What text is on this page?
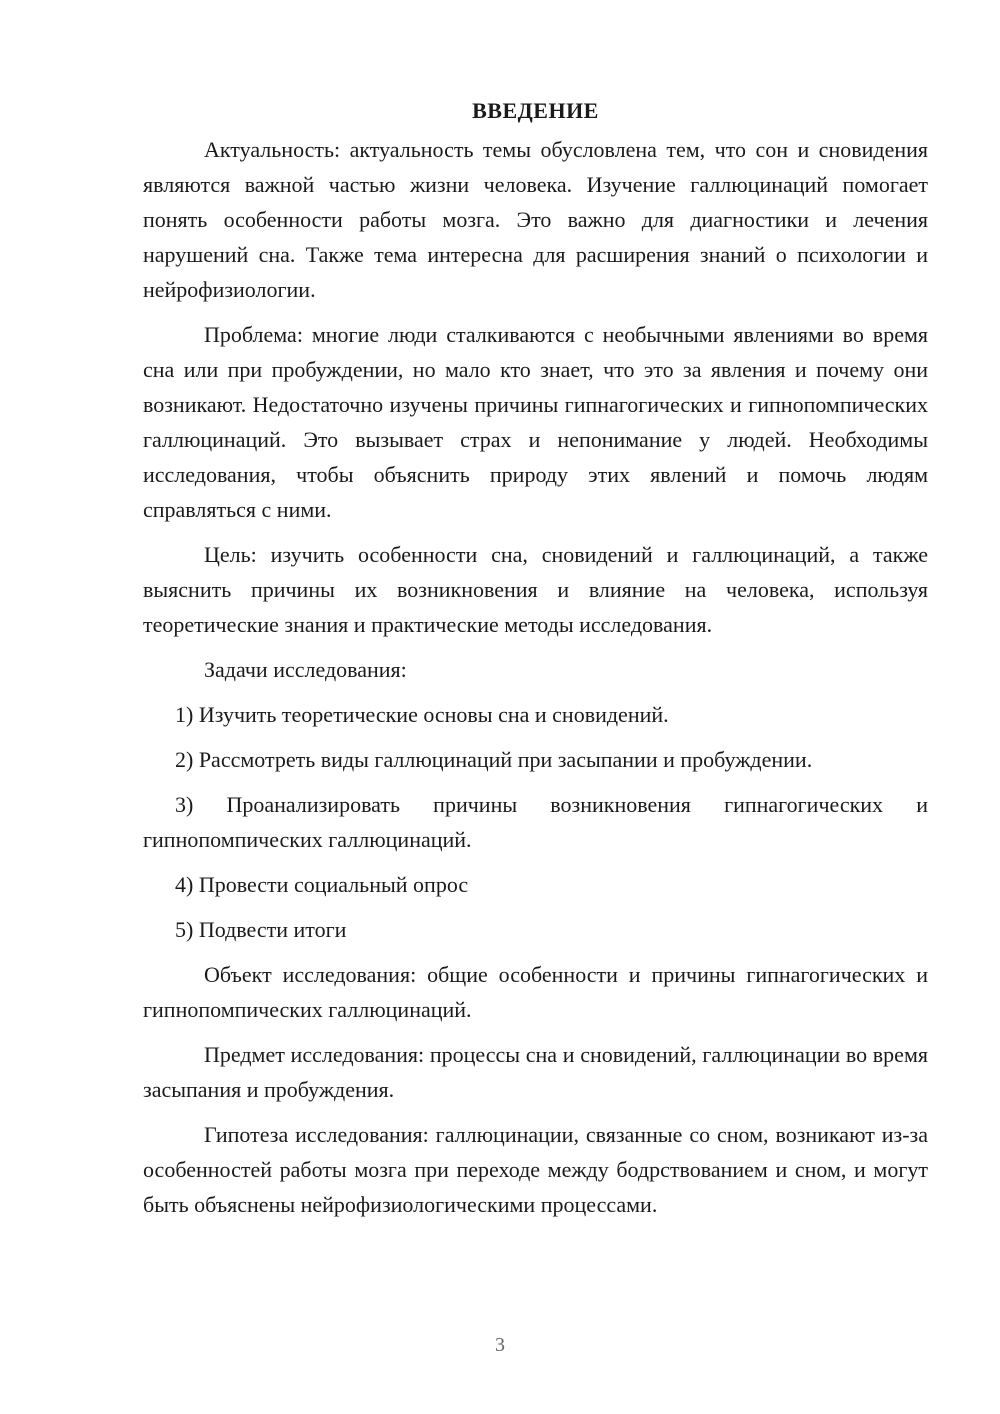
ВВЕДЕНИЕ

Актуальность: актуальность темы обусловлена тем, что сон и сновидения являются важной частью жизни человека. Изучение галлюцинаций помогает понять особенности работы мозга. Это важно для диагностики и лечения нарушений сна. Также тема интересна для расширения знаний о психологии и нейрофизиологии.

Проблема: многие люди сталкиваются с необычными явлениями во время сна или при пробуждении, но мало кто знает, что это за явления и почему они возникают. Недостаточно изучены причины гипнагогических и гипнопомпических галлюцинаций. Это вызывает страх и непонимание у людей. Необходимы исследования, чтобы объяснить природу этих явлений и помочь людям справляться с ними.

Цель: изучить особенности сна, сновидений и галлюцинаций, а также выяснить причины их возникновения и влияние на человека, используя теоретические знания и практические методы исследования.

Задачи исследования:

1) Изучить теоретические основы сна и сновидений.

2) Рассмотреть виды галлюцинаций при засыпании и пробуждении.

3) Проанализировать причины возникновения гипнагогических и гипнопомпических галлюцинаций.

4) Провести социальный опрос

5) Подвести итоги

Объект исследования: общие особенности и причины гипнагогических и гипнопомпических галлюцинаций.

Предмет исследования: процессы сна и сновидений, галлюцинации во время засыпания и пробуждения.

Гипотеза исследования: галлюцинации, связанные со сном, возникают из-за особенностей работы мозга при переходе между бодрствованием и сном, и могут быть объяснены нейрофизиологическими процессами.

3
